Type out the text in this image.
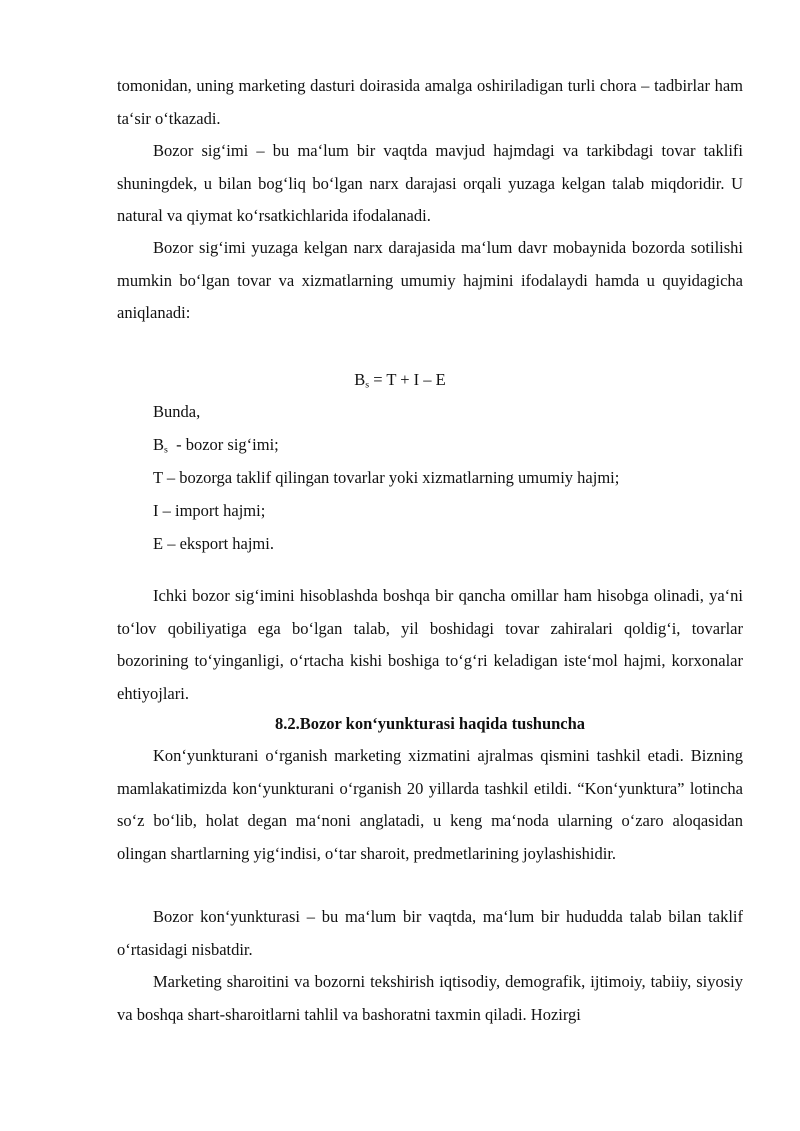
tomonidan, uning marketing dasturi doirasida amalga oshiriladigan turli chora – tadbirlar ham ta‘sir o‘tkazadi.

Bozor sig‘imi – bu ma‘lum bir vaqtda mavjud hajmdagi va tarkibdagi tovar taklifi shuningdek, u bilan bog‘liq bo‘lgan narx darajasi orqali yuzaga kelgan talab miqdoridir. U natural va qiymat ko‘rsatkichlarida ifodalanadi.

Bozor sig‘imi yuzaga kelgan narx darajasida ma‘lum davr mobaynida bozorda sotilishi mumkin bo‘lgan tovar va xizmatlarning umumiy hajmini ifodalaydi hamda u quyidagicha aniqlanadi:

$B_s = T + I - E$

Bunda,

$B_s$  - bozor sig‘imi;

T – bozorga taklif qilingan tovarlar yoki xizmatlarning umumiy hajmi;

I – import hajmi;

E – eksport hajmi.

Ichki bozor sig‘imini hisoblashda boshqa bir qancha omillar ham hisobga olinadi, ya‘ni to‘lov qobiliyatiga ega bo‘lgan talab, yil boshidagi tovar zahiralari qoldig‘i, tovarlar bozorining to‘yinganligi, o‘rtacha kishi boshiga to‘g‘ri keladigan iste‘mol hajmi, korxonalar ehtiyojlari.

8.2.Bozor kon‘yunkturasi haqida tushuncha

Kon‘yunkturani o‘rganish marketing xizmatini ajralmas qismini tashkil etadi. Bizning mamlakatimizda kon‘yunkturani o‘rganish 20 yillarda tashkil etildi. “Kon‘yunktura” lotincha so‘z bo‘lib, holat degan ma‘noni anglatadi, u keng ma‘noda ularning o‘zaro aloqasidan olingan shartlarning yig‘indisi, o‘tar sharoit, predmetlarining joylashishidir.

Bozor kon‘yunkturasi – bu ma‘lum bir vaqtda, ma‘lum bir hududda talab bilan taklif o‘rtasidagi nisbatdir.

Marketing sharoitini va bozorni tekshirish iqtisodiy, demografik, ijtimoiy, tabiiy, siyosiy va boshqa shart-sharoitlarni tahlil va bashoratni taxmin qiladi. Hozirgi
